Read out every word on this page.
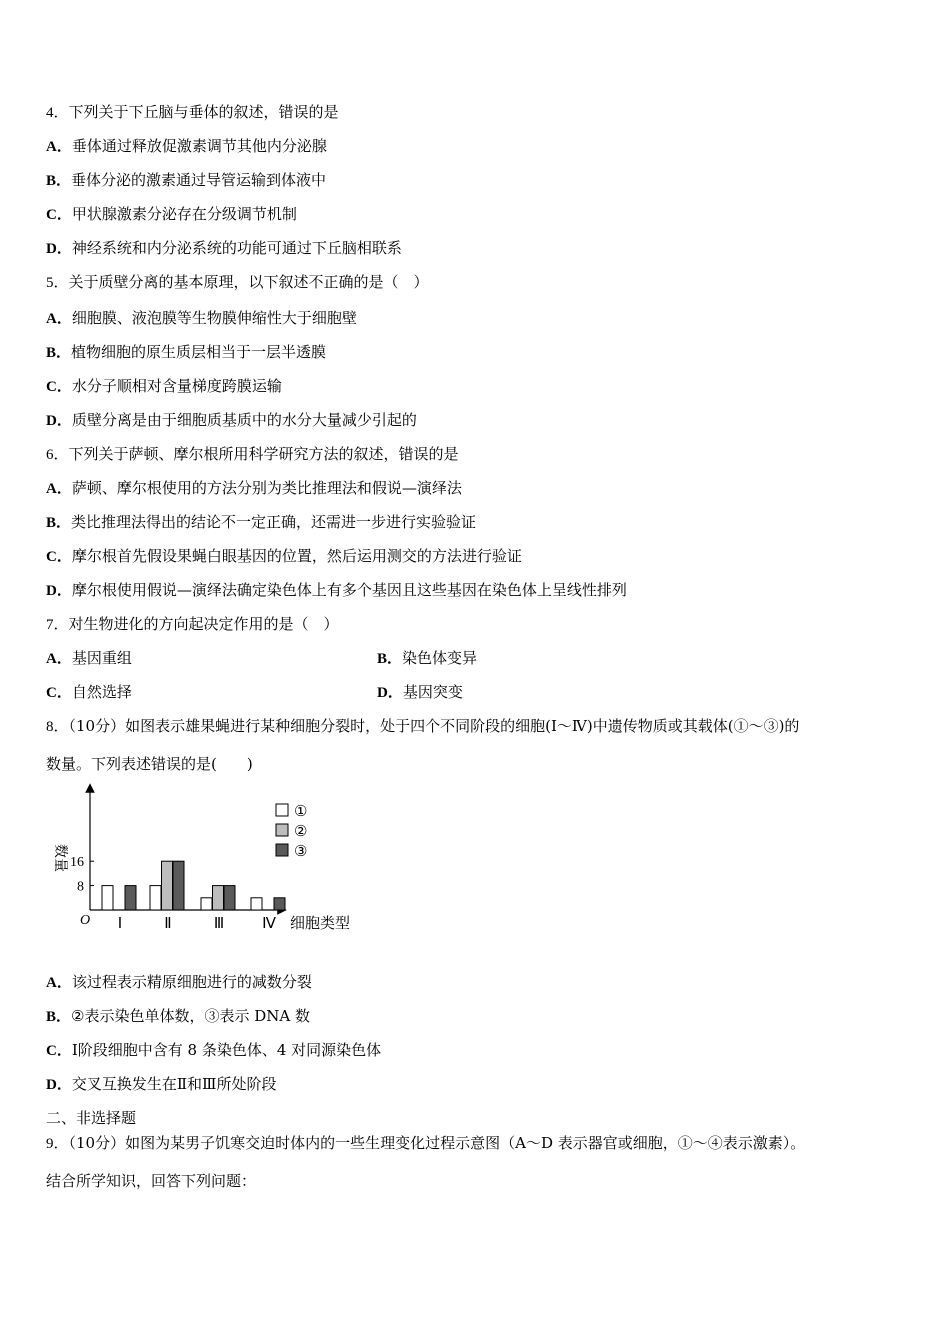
4．下列关于下丘脑与垂体的叙述，错误的是
A．垂体通过释放促激素调节其他内分泌腺
B．垂体分泌的激素通过导管运输到体液中
C．甲状腺激素分泌存在分级调节机制
D．神经系统和内分泌系统的功能可通过下丘脑相联系
5．关于质壁分离的基本原理，以下叙述不正确的是（　）
A．细胞膜、液泡膜等生物膜伸缩性大于细胞壁
B．植物细胞的原生质层相当于一层半透膜
C．水分子顺相对含量梯度跨膜运输
D．质壁分离是由于细胞质基质中的水分大量减少引起的
6．下列关于萨顿、摩尔根所用科学研究方法的叙述，错误的是
A．萨顿、摩尔根使用的方法分别为类比推理法和假说—演绎法
B．类比推理法得出的结论不一定正确，还需进一步进行实验验证
C．摩尔根首先假设果蝇白眼基因的位置，然后运用测交的方法进行验证
D．摩尔根使用假说—演绎法确定染色体上有多个基因且这些基因在染色体上呈线性排列
7．对生物进化的方向起决定作用的是（　）
A．基因重组	B．染色体变异
C．自然选择	D．基因突变
8．（10分）如图表示雄果蝇进行某种细胞分裂时，处于四个不同阶段的细胞(Ⅰ～Ⅳ)中遗传物质或其载体(①～③)的
数量。下列表述错误的是(　　)
O	细胞类型
数量
8
16
Ⅰ	Ⅱ	Ⅲ	Ⅳ
①
②
③
A．该过程表示精原细胞进行的减数分裂
B．②表示染色单体数，③表示 DNA 数
C．Ⅰ阶段细胞中含有 8 条染色体、4 对同源染色体
D．交叉互换发生在Ⅱ和Ⅲ所处阶段
二、非选择题
9．（10分）如图为某男子饥寒交迫时体内的一些生理变化过程示意图（A～D 表示器官或细胞，①～④表示激素）。
结合所学知识，回答下列问题：
